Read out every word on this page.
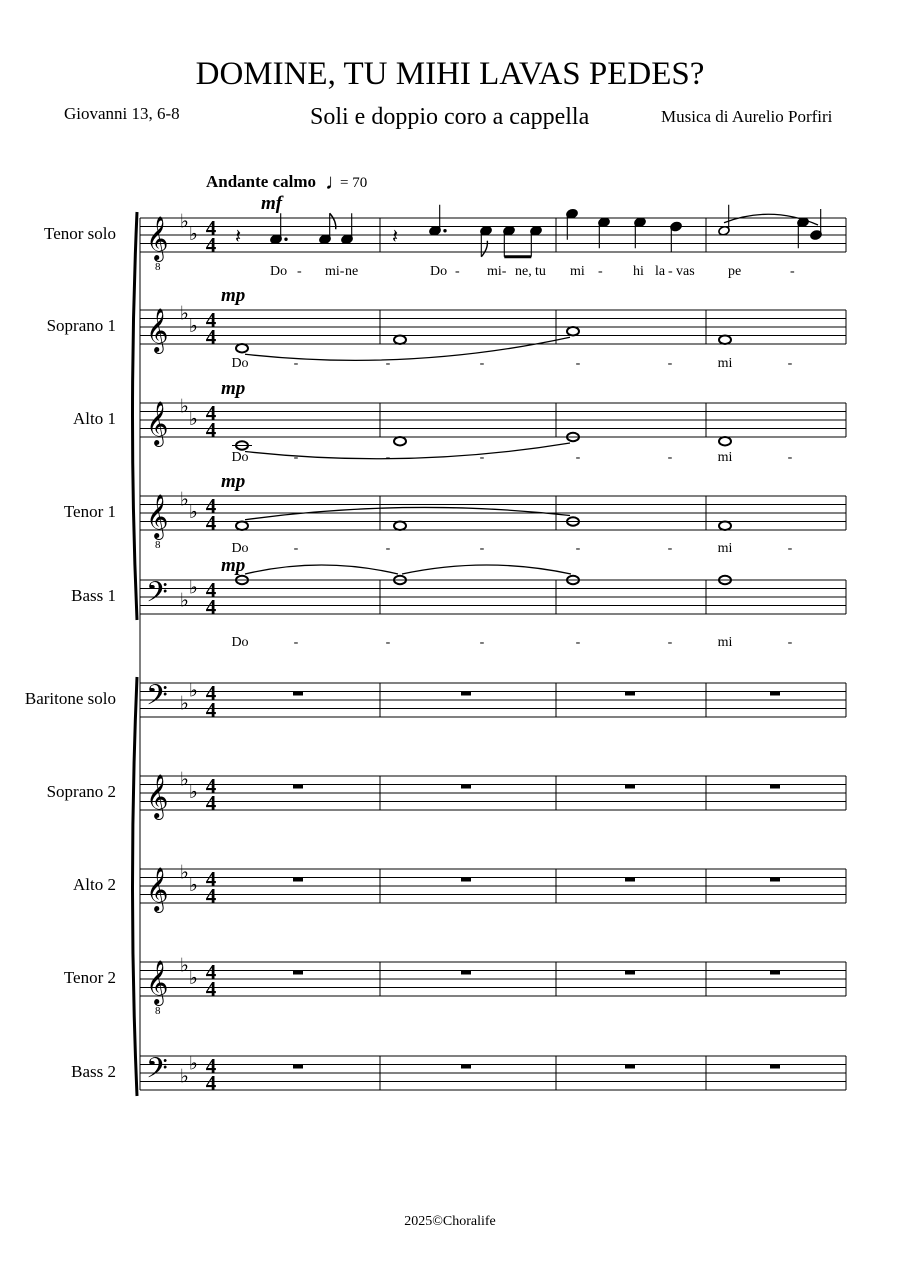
DOMINE, TU MIHI LAVAS PEDES?
Giovanni 13, 6-8	Soli e doppio coro a cappella	Musica di Aurelio Porfiri
2025©Choralife
Andante calmo ♩
= 70
Tenor solo 𝄞
8
♭
♭ 4
4
mf
Soprano 1 𝄞 ♭
♭ 4
4
mp
Alto 1 𝄞 ♭
♭ 4
4
mp
Tenor 1 𝄞
8
♭
♭ 4
4
mp
Bass 1 𝄢 ♭
♭ 4
4
mp
Baritone solo 𝄢 ♭
♭ 4
4
Soprano 2 𝄞 ♭
♭ 4
4
Alto 2 𝄞 ♭
♭ 4
4
Tenor 2 𝄞
8
♭
♭ 4
4
Bass 2 𝄢 ♭
♭ 4
4
𝄽	𝄽
Do - mi- ne	Do - mi- ne, tu mi - hi la - vas pe	-
Do	-	-	-	-	-	mi	-
Do	-	-	-	-	-	mi	-
Do	-	-	-	-	-	mi	-
Do	-	-	-	-	-	mi	-
